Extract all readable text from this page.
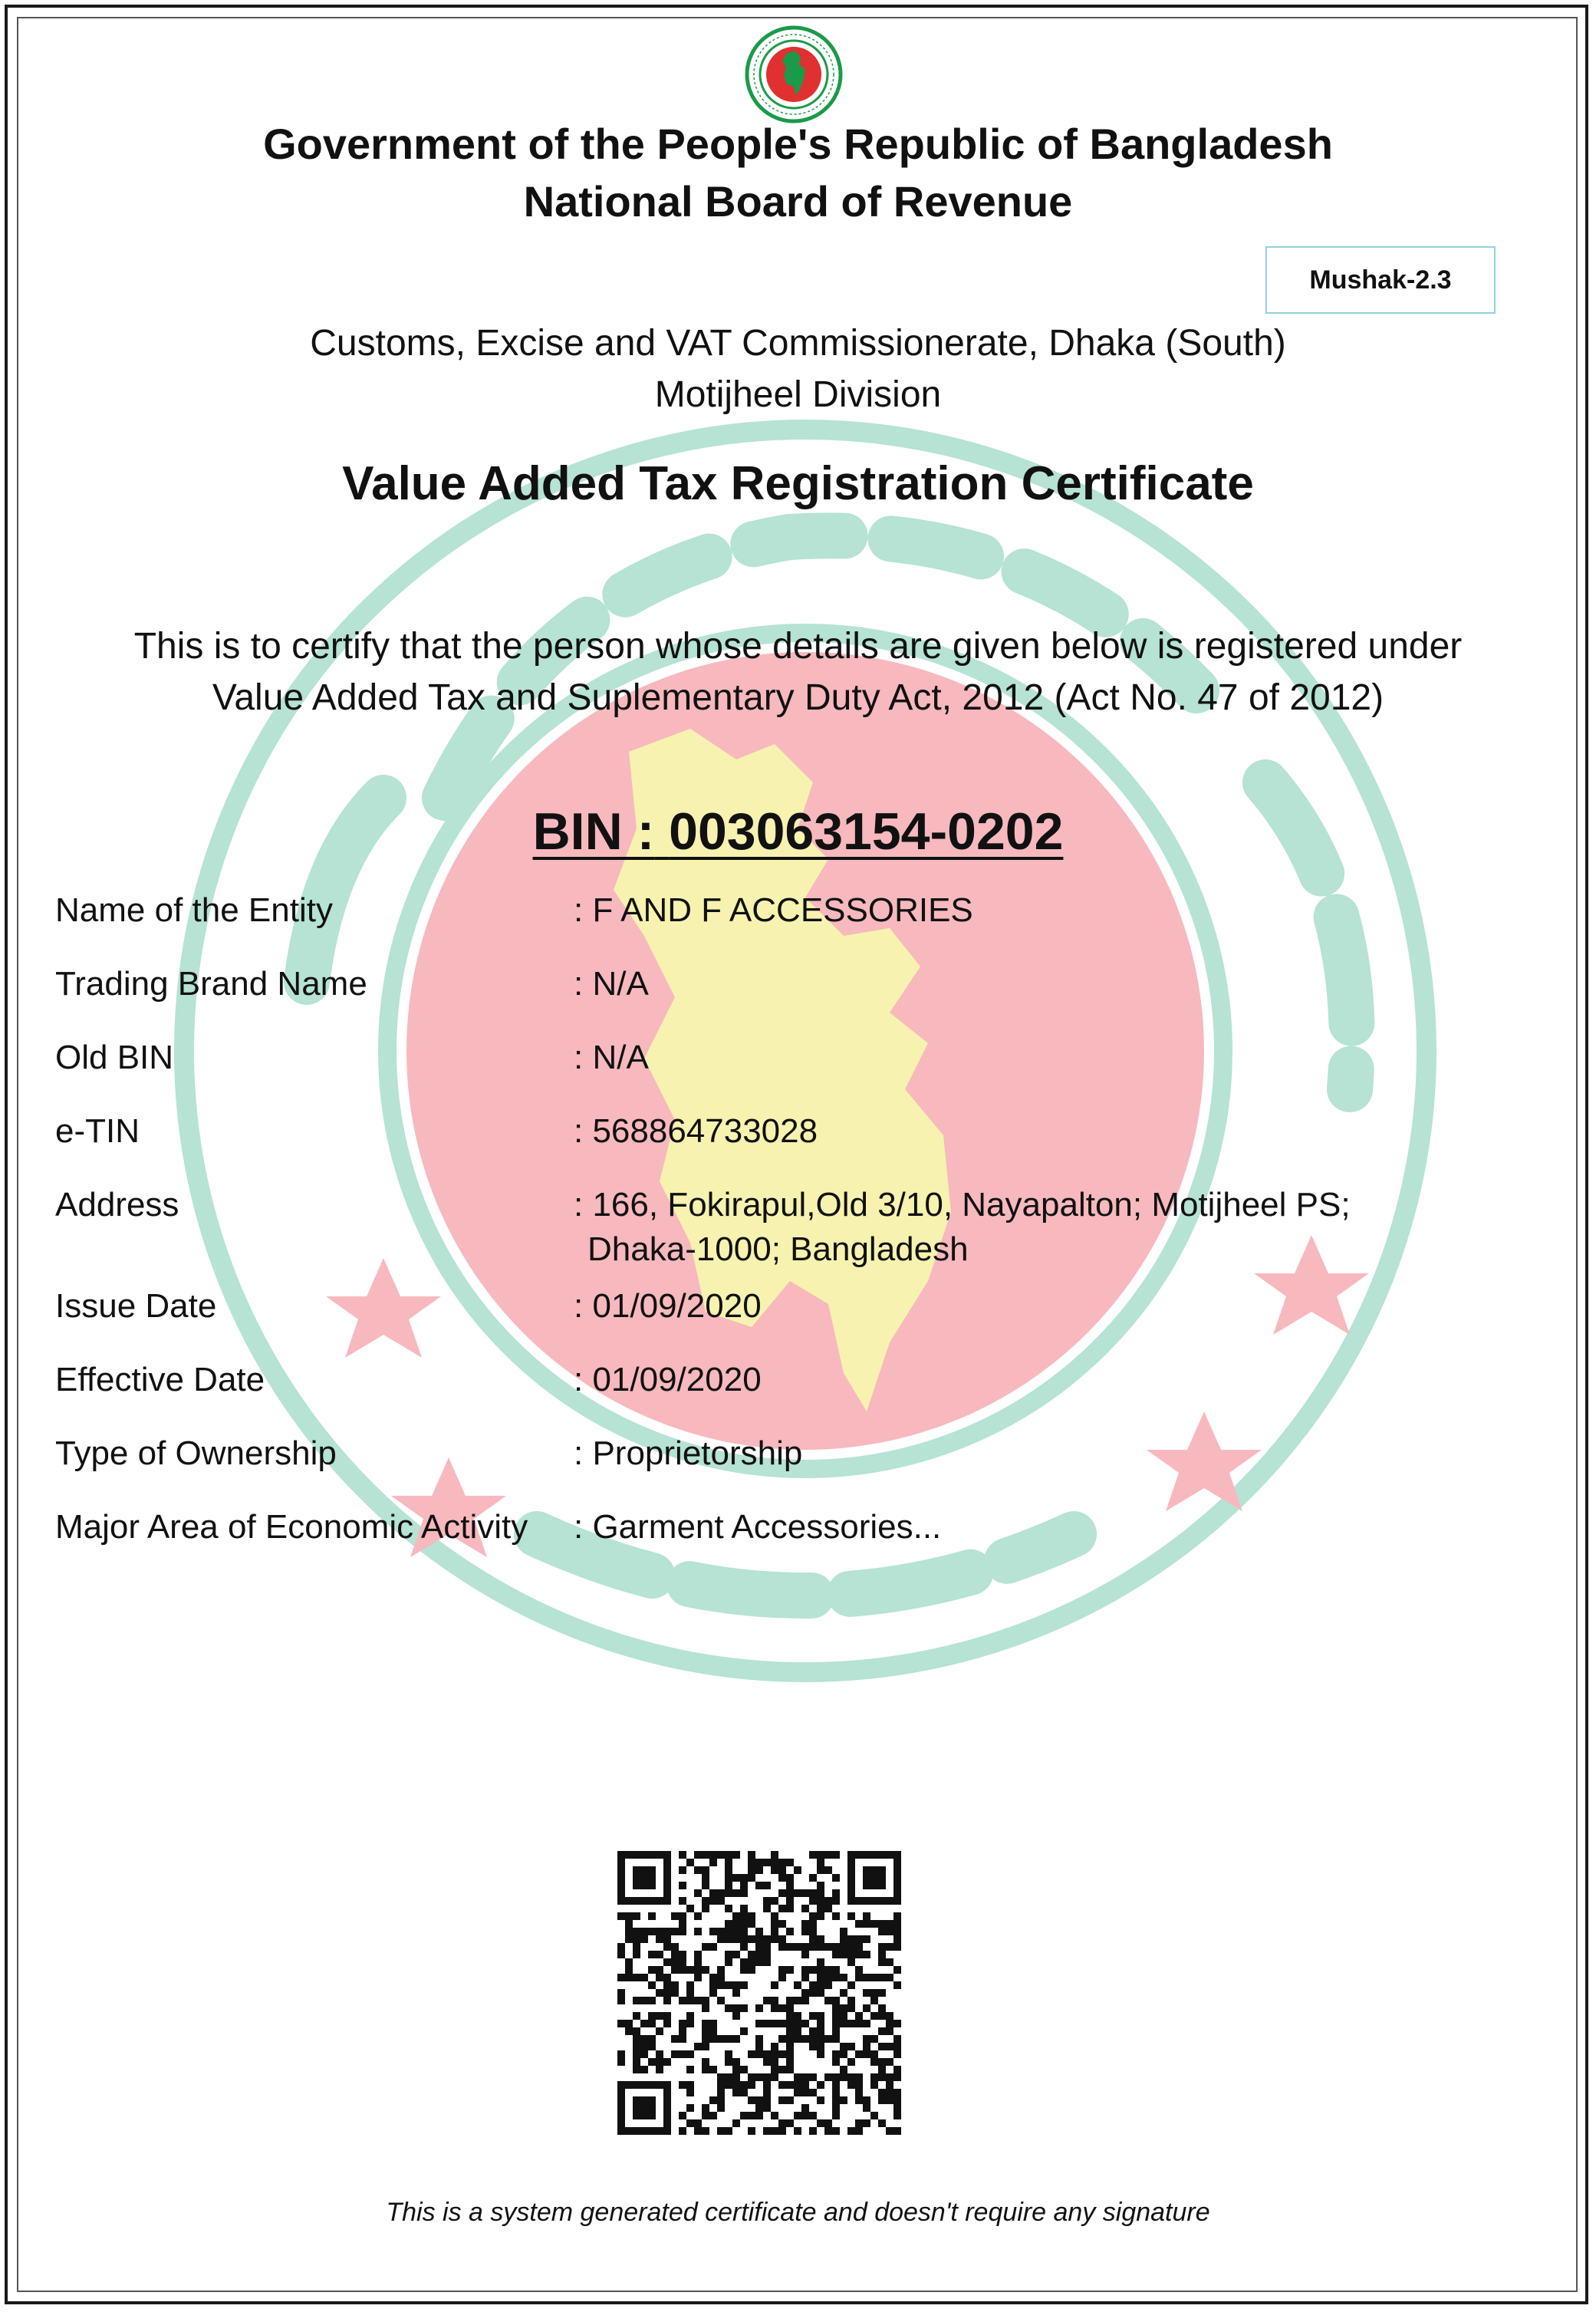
Government of the People's Republic of Bangladesh
National Board of Revenue
Mushak-2.3
Customs, Excise and VAT Commissionerate, Dhaka (South)
Motijheel Division
Value Added Tax Registration Certificate
This is to certify that the person whose details are given below is registered under
Value Added Tax and Suplementary Duty Act, 2012 (Act No. 47 of 2012)
BIN : 003063154-0202
Name of the Entity	: F AND F ACCESSORIES
Trading Brand Name	: N/A
Old BIN	: N/A
e-TIN	: 568864733028
Address	: 166, Fokirapul,Old 3/10, Nayapalton; Motijheel PS;
Dhaka-1000; Bangladesh
Issue Date	: 01/09/2020
Effective Date	: 01/09/2020
Type of Ownership	: Proprietorship
Major Area of Economic Activity : Garment Accessories...
This is a system generated certificate and doesn't require any signature
